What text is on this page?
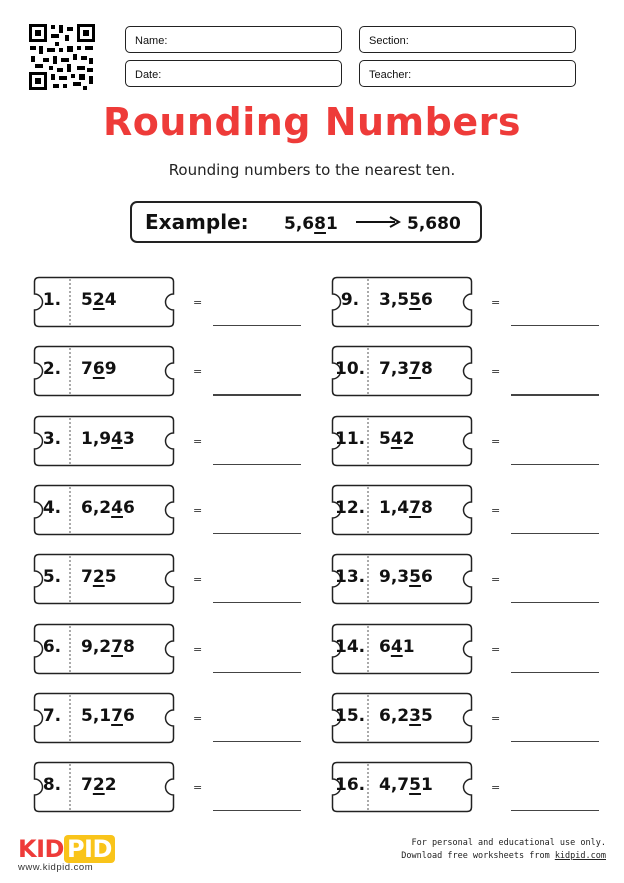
Name:	Section:
Date:	Teacher:
Rounding Numbers
Rounding numbers to the nearest ten.
Example: 5,681	5,680
1.	524	=
2.	769	=
3.	1,943	=
4.	6,246	=
5.	725	=
6.	9,278	=
7.	5,176	=
8.	722	=
9.	3,556	=
10. 7,378	=
11. 542	=
12. 1,478	=
13. 9,356	=
14. 641	=
15. 6,235	=
16. 4,751	=
KID PID
www.kidpid.com
For personal and educational use only.
Download free worksheets from kidpid.com
